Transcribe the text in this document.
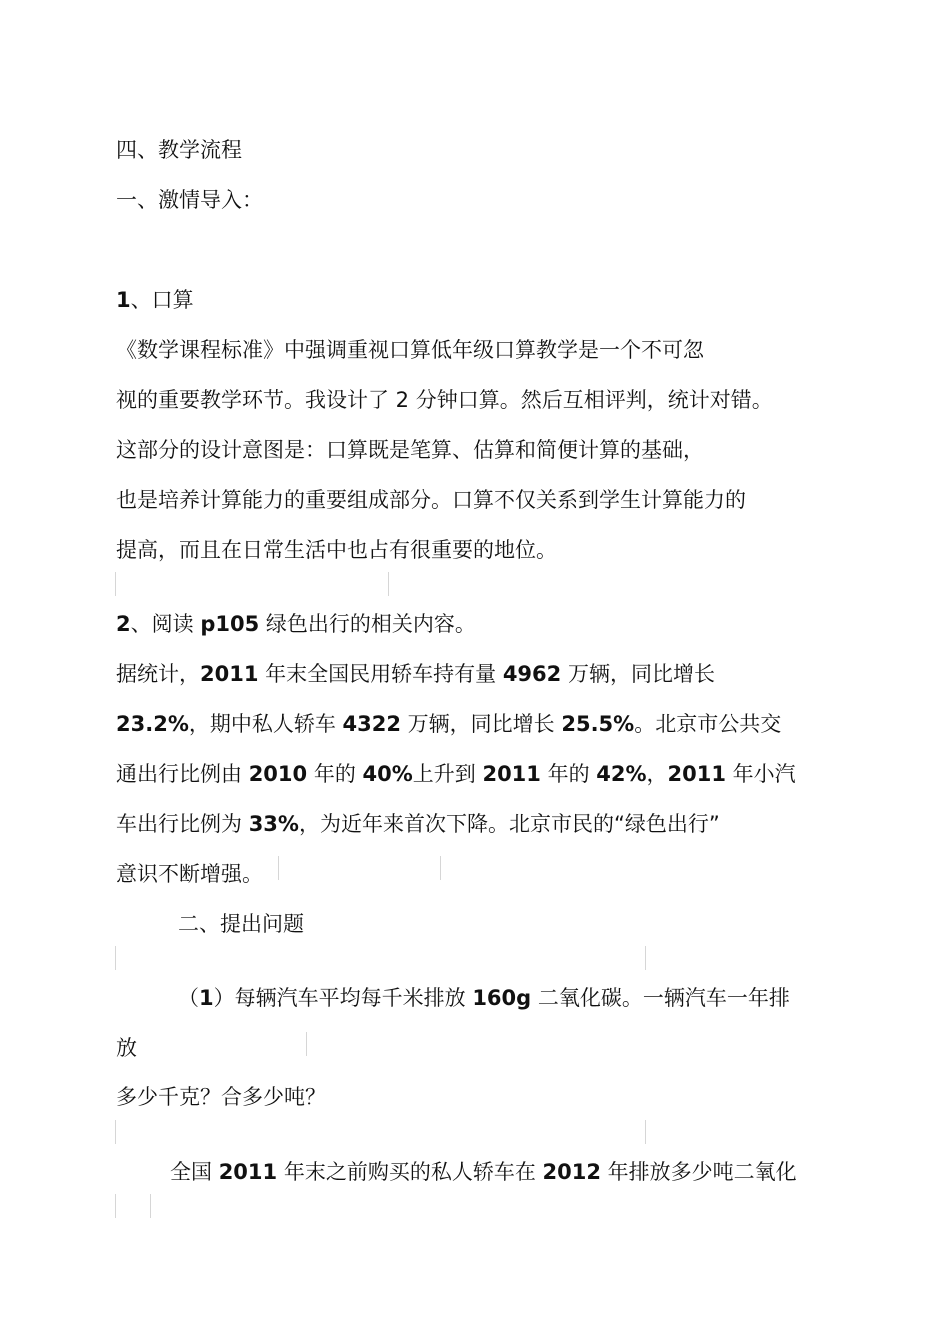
四、教学流程
一、激情导入：
1、口算
《数学课程标准》中强调重视口算低年级口算教学是一个不可忽
视的重要教学环节。我设计了 2 分钟口算。然后互相评判，统计对错。
这部分的设计意图是：口算既是笔算、估算和简便计算的基础，
也是培养计算能力的重要组成部分。口算不仅关系到学生计算能力的
提高，而且在日常生活中也占有很重要的地位。
2、阅读 p105 绿色出行的相关内容。
据统计，2011 年末全国民用轿车持有量 4962 万辆，同比增长
23.2%，期中私人轿车 4322 万辆，同比增长 25.5%。北京市公共交
通出行比例由 2010 年的 40%上升到 2011 年的 42%，2011 年小汽
车出行比例为 33%，为近年来首次下降。北京市民的“绿色出行”
意识不断增强。
二、提出问题
（1）每辆汽车平均每千米排放 160g 二氧化碳。一辆汽车一年排
放
多少千克？合多少吨？
全国 2011 年末之前购买的私人轿车在 2012 年排放多少吨二氧化
